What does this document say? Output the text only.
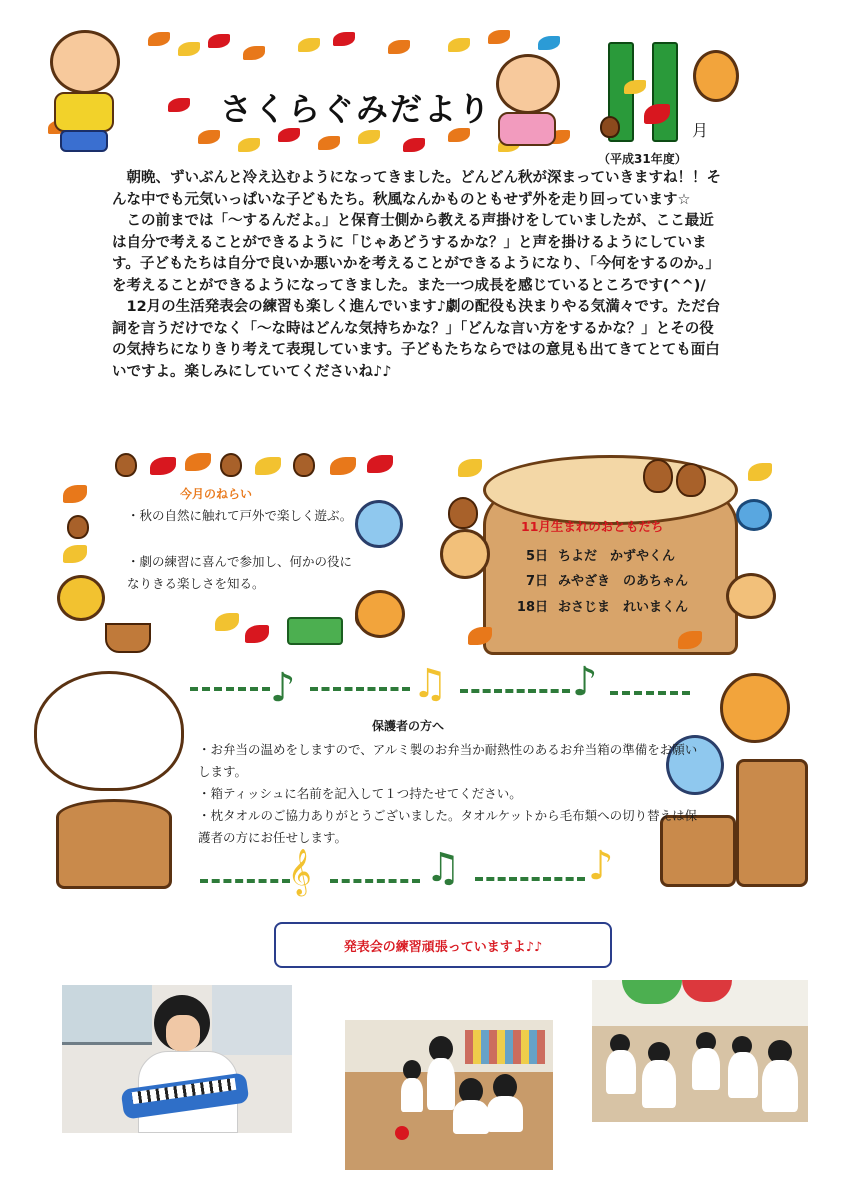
さくらぐみだより
月
（平成31年度）

　朝晩、ずいぶんと冷え込むようになってきました。どんどん秋が深まっていきますね！！そんな中でも元気いっぱいな子どもたち。秋風なんかものともせず外を走り回っています☆

　この前までは「～するんだよ。」と保育士側から教える声掛けをしていましたが、ここ最近は自分で考えることができるように「じゃあどうするかな？」と声を掛けるようにしています。子どもたちは自分で良いか悪いかを考えることができるようになり、「今何をするのか。」を考えることができるようになってきました。また一つ成長を感じているところです(^^)/

　12月の生活発表会の練習も楽しく進んでいます♪劇の配役も決まりやる気満々です。ただ台詞を言うだけでなく「～な時はどんな気持ちかな？」「どんな言い方をするかな？」とその役の気持ちになりきり考えて表現しています。子どもたちならではの意見も出てきてとても面白いですよ。楽しみにしていてくださいね♪♪

今月のねらい
・秋の自然に触れて戸外で楽しく遊ぶ。
・劇の練習に喜んで参加し、何かの役になりきる楽しさを知る。
11月生まれのおともだち
5日 ちよだ　かずやくん
7日 みやざき　のあちゃん
18日 おさじま　れいまくん
♪	♫	♪
𝄞	♫	♪
保護者の方へ
・お弁当の温めをしますので、アルミ製のお弁当か耐熱性のあるお弁当箱の準備をお願いします。
・箱ティッシュに名前を記入して１つ持たせてください。
・枕タオルのご協力ありがとうございました。タオルケットから毛布類への切り替えは保護者の方にお任せします。
発表会の練習頑張っていますよ♪♪
